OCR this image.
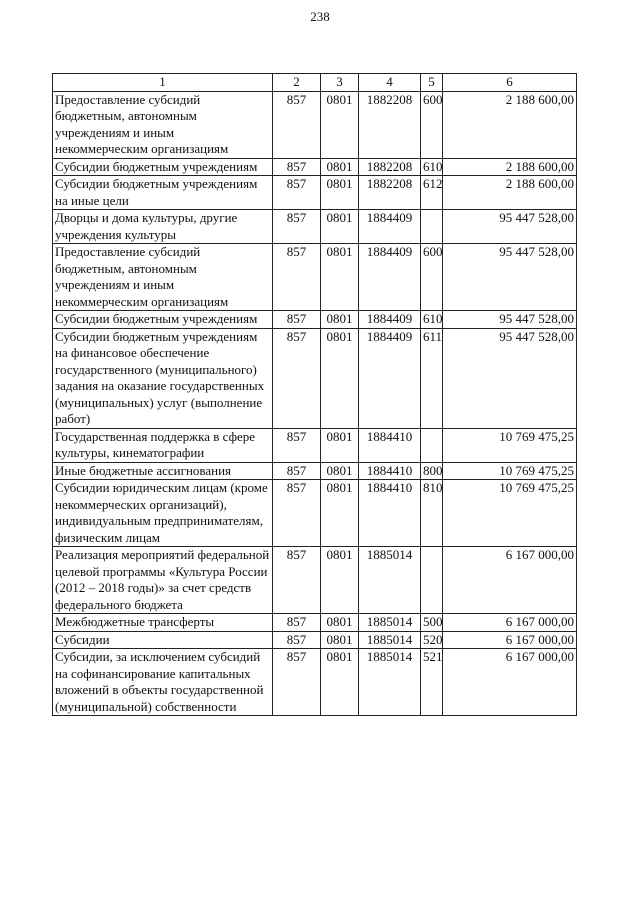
238
1	2	3	4	5	6
Предоставление субсидий бюджетным, автономным учреждениям и иным некоммерческим организациям	857	0801	1882208	600	2 188 600,00
Субсидии бюджетным учреждениям	857	0801	1882208	610	2 188 600,00
Субсидии бюджетным учреждениям на иные цели	857	0801	1882208	612	2 188 600,00
Дворцы и дома культуры, другие учреждения культуры	857	0801	1884409		95 447 528,00
Предоставление субсидий бюджетным, автономным учреждениям и иным некоммерческим организациям	857	0801	1884409	600	95 447 528,00
Субсидии бюджетным учреждениям	857	0801	1884409	610	95 447 528,00
Субсидии бюджетным учреждениям на финансовое обеспечение государственного (муниципального) задания на оказание государственных (муниципальных) услуг (выполнение работ)	857	0801	1884409	611	95 447 528,00
Государственная поддержка в сфере культуры, кинематографии	857	0801	1884410		10 769 475,25
Иные бюджетные ассигнования	857	0801	1884410	800	10 769 475,25
Субсидии юридическим лицам (кроме некоммерческих организаций), индивидуальным предпринимателям, физическим лицам	857	0801	1884410	810	10 769 475,25
Реализация мероприятий федеральной целевой программы «Культура России (2012 – 2018 годы)» за счет средств федерального бюджета	857	0801	1885014		6 167 000,00
Межбюджетные трансферты	857	0801	1885014	500	6 167 000,00
Субсидии	857	0801	1885014	520	6 167 000,00
Субсидии, за исключением субсидий на софинансирование капитальных вложений в объекты государственной (муниципальной) собственности	857	0801	1885014	521	6 167 000,00
